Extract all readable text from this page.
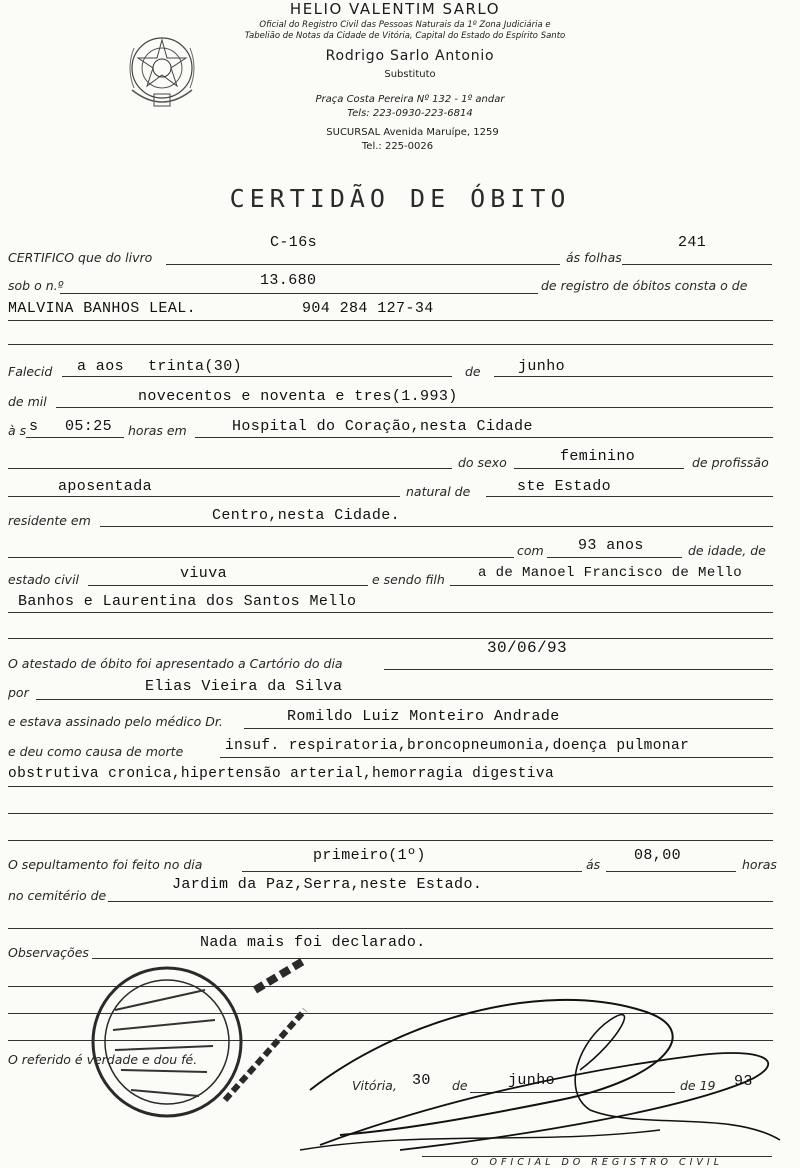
HELIO VALENTIM SARLO
Oficial do Registro Civil das Pessoas Naturais da 1º Zona Judiciária e
Tabelião de Notas da Cidade de Vitória, Capital do Estado do Espírito Santo
Rodrigo Sarlo Antonio
Substituto
Praça Costa Pereira Nº 132 - 1º andar
Tels: 223-0930-223-6814
SUCURSAL Avenida Maruípe, 1259
Tel.: 225-0026
CERTIDÃO DE ÓBITO
CERTIFICO que do livro
C-16s
ás folhas
241
sob o n.º	13.680	de registro de óbitos consta o de
MALVINA BANHOS LEAL.	904 284 127-34
Falecid a aos trinta(30)	de junho
de mil	novecentos e noventa e tres(1.993)
à s s 05:25 horas em	Hospital do Coração,nesta Cidade
do sexo	feminino	de profissão
aposentada	natural de	ste Estado
residente em	Centro,nesta Cidade.
com 93 anos	de idade, de
estado civil	viuva	e sendo filh a de Manoel Francisco de Mello
Banhos e Laurentina dos Santos Mello
O atestado de óbito foi apresentado a Cartório do dia
30/06/93
por	Elias Vieira da Silva
e estava assinado pelo médico Dr.	Romildo Luiz Monteiro Andrade
e deu como causa de morte	insuf. respiratoria,broncopneumonia,doença pulmonar
obstrutiva cronica,hipertensão arterial,hemorragia digestiva
O sepultamento foi feito no dia
primeiro(1º)
ás
08,00
horas
no cemitério de
Jardim da Paz,Serra,neste Estado.
Observações
Nada mais foi declarado.
O referido é verdade e dou fé.
Vitória, 30 de	junho	de 19 93
O OFICIAL DO REGISTRO CIVIL
